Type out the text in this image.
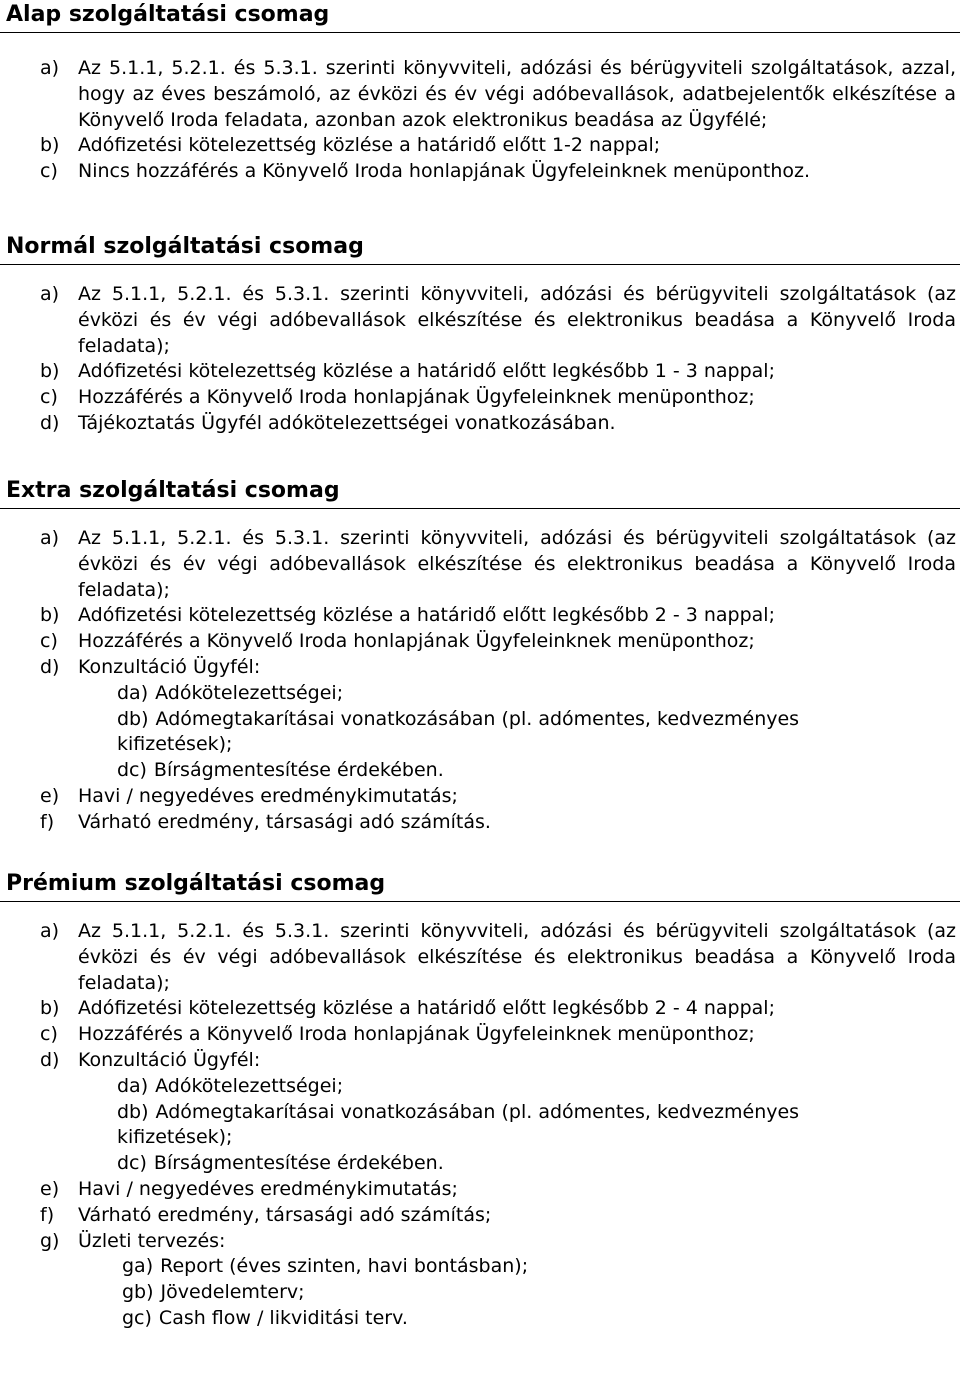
Alap szolgáltatási csomag
a) Az 5.1.1, 5.2.1. és 5.3.1. szerinti könyvviteli, adózási és bérügyviteli szolgáltatások, azzal, hogy az éves beszámoló, az évközi és év végi adóbevallások, adatbejelentők elkészítése a Könyvelő Iroda feladata, azonban azok elektronikus beadása az Ügyfélé;
b) Adófizetési kötelezettség közlése a határidő előtt 1-2 nappal;
c) Nincs hozzáférés a Könyvelő Iroda honlapjának Ügyfeleinknek menüponthoz.
Normál szolgáltatási csomag
a) Az 5.1.1, 5.2.1. és 5.3.1. szerinti könyvviteli, adózási és bérügyviteli szolgáltatások (az évközi és év végi adóbevallások elkészítése és elektronikus beadása a Könyvelő Iroda feladata);
b) Adófizetési kötelezettség közlése a határidő előtt legkésőbb 1 - 3 nappal;
c) Hozzáférés a Könyvelő Iroda honlapjának Ügyfeleinknek menüponthoz;
d) Tájékoztatás Ügyfél adókötelezettségei vonatkozásában.
Extra szolgáltatási csomag
a) Az 5.1.1, 5.2.1. és 5.3.1. szerinti könyvviteli, adózási és bérügyviteli szolgáltatások (az évközi és év végi adóbevallások elkészítése és elektronikus beadása a Könyvelő Iroda feladata);
b) Adófizetési kötelezettség közlése a határidő előtt legkésőbb 2 - 3 nappal;
c) Hozzáférés a Könyvelő Iroda honlapjának Ügyfeleinknek menüponthoz;
d) Konzultáció Ügyfél:
da) Adókötelezettségei;
db) Adómegtakarításai vonatkozásában (pl. adómentes, kedvezményes kifizetések);
dc) Bírságmentesítése érdekében.
e) Havi / negyedéves eredménykimutatás;
f) Várható eredmény, társasági adó számítás.
Prémium szolgáltatási csomag
a) Az 5.1.1, 5.2.1. és 5.3.1. szerinti könyvviteli, adózási és bérügyviteli szolgáltatások (az évközi és év végi adóbevallások elkészítése és elektronikus beadása a Könyvelő Iroda feladata);
b) Adófizetési kötelezettség közlése a határidő előtt legkésőbb 2 - 4 nappal;
c) Hozzáférés a Könyvelő Iroda honlapjának Ügyfeleinknek menüponthoz;
d) Konzultáció Ügyfél:
da) Adókötelezettségei;
db) Adómegtakarításai vonatkozásában (pl. adómentes, kedvezményes kifizetések);
dc) Bírságmentesítése érdekében.
e) Havi / negyedéves eredménykimutatás;
f) Várható eredmény, társasági adó számítás;
g) Üzleti tervezés:
ga) Report (éves szinten, havi bontásban);
gb) Jövedelemterv;
gc) Cash flow / likviditási terv.
